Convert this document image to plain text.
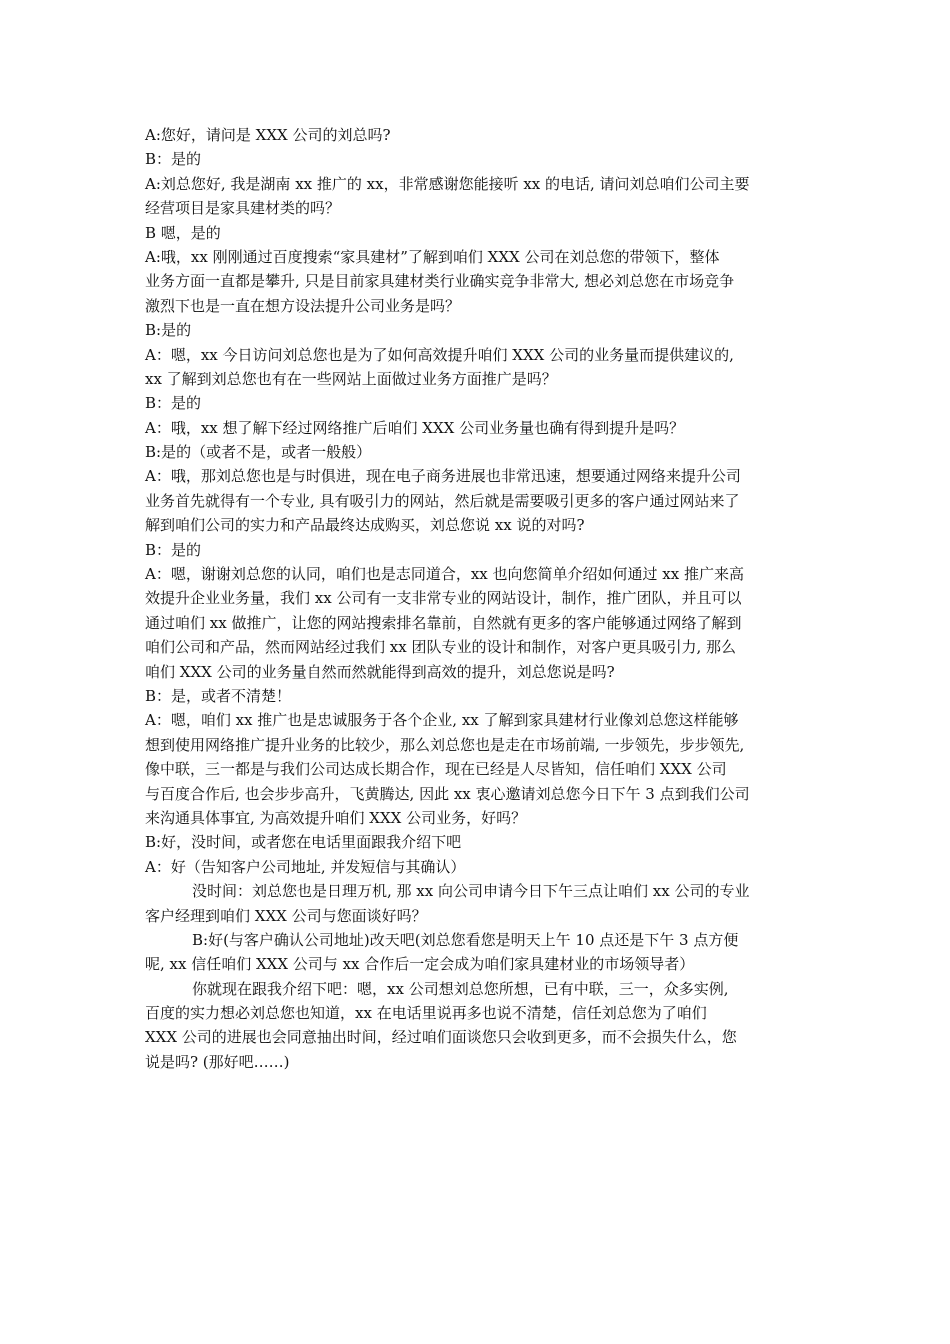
A:您好，请问是 XXX 公司的刘总吗?
B：是的
A:刘总您好, 我是湖南 xx 推广的 xx，非常感谢您能接听 xx 的电话, 请问刘总咱们公司主要
经营项目是家具建材类的吗？
B 嗯，是的
A:哦，xx 刚刚通过百度搜索“家具建材”了解到咱们 XXX 公司在刘总您的带领下，整体
业务方面一直都是攀升, 只是目前家具建材类行业确实竞争非常大, 想必刘总您在市场竞争
激烈下也是一直在想方设法提升公司业务是吗？
B:是的
A：嗯，xx 今日访问刘总您也是为了如何高效提升咱们 XXX 公司的业务量而提供建议的,
xx 了解到刘总您也有在一些网站上面做过业务方面推广是吗？
B：是的
A：哦，xx 想了解下经过网络推广后咱们 XXX 公司业务量也确有得到提升是吗？
B:是的（或者不是，或者一般般）
A：哦，那刘总您也是与时俱进，现在电子商务进展也非常迅速，想要通过网络来提升公司
业务首先就得有一个专业, 具有吸引力的网站，然后就是需要吸引更多的客户通过网站来了
解到咱们公司的实力和产品最终达成购买，刘总您说 xx 说的对吗?
B：是的
A：嗯，谢谢刘总您的认同，咱们也是志同道合，xx 也向您简单介绍如何通过 xx 推广来高
效提升企业业务量，我们 xx 公司有一支非常专业的网站设计，制作，推广团队，并且可以
通过咱们 xx 做推广，让您的网站搜索排名靠前，自然就有更多的客户能够通过网络了解到
咱们公司和产品，然而网站经过我们 xx 团队专业的设计和制作，对客户更具吸引力, 那么
咱们 XXX 公司的业务量自然而然就能得到高效的提升，刘总您说是吗?
B：是，或者不清楚！
A：嗯，咱们 xx 推广也是忠诚服务于各个企业, xx 了解到家具建材行业像刘总您这样能够
想到使用网络推广提升业务的比较少，那么刘总您也是走在市场前端, 一步领先，步步领先,
像中联，三一都是与我们公司达成长期合作，现在已经是人尽皆知，信任咱们 XXX 公司
与百度合作后, 也会步步高升，飞黄腾达, 因此 xx 衷心邀请刘总您今日下午 3 点到我们公司
来沟通具体事宜, 为高效提升咱们 XXX 公司业务，好吗？
B:好，没时间，或者您在电话里面跟我介绍下吧
A：好（告知客户公司地址, 并发短信与其确认）
没时间：刘总您也是日理万机, 那 xx 向公司申请今日下午三点让咱们 xx 公司的专业
客户经理到咱们 XXX 公司与您面谈好吗？
B:好(与客户确认公司地址)改天吧(刘总您看您是明天上午 10 点还是下午 3 点方便
呢, xx 信任咱们 XXX 公司与 xx 合作后一定会成为咱们家具建材业的市场领导者）
你就现在跟我介绍下吧：嗯，xx 公司想刘总您所想，已有中联，三一，众多实例,
百度的实力想必刘总您也知道，xx 在电话里说再多也说不清楚，信任刘总您为了咱们
XXX 公司的进展也会同意抽出时间，经过咱们面谈您只会收到更多，而不会损失什么，您
说是吗? (那好吧……)
